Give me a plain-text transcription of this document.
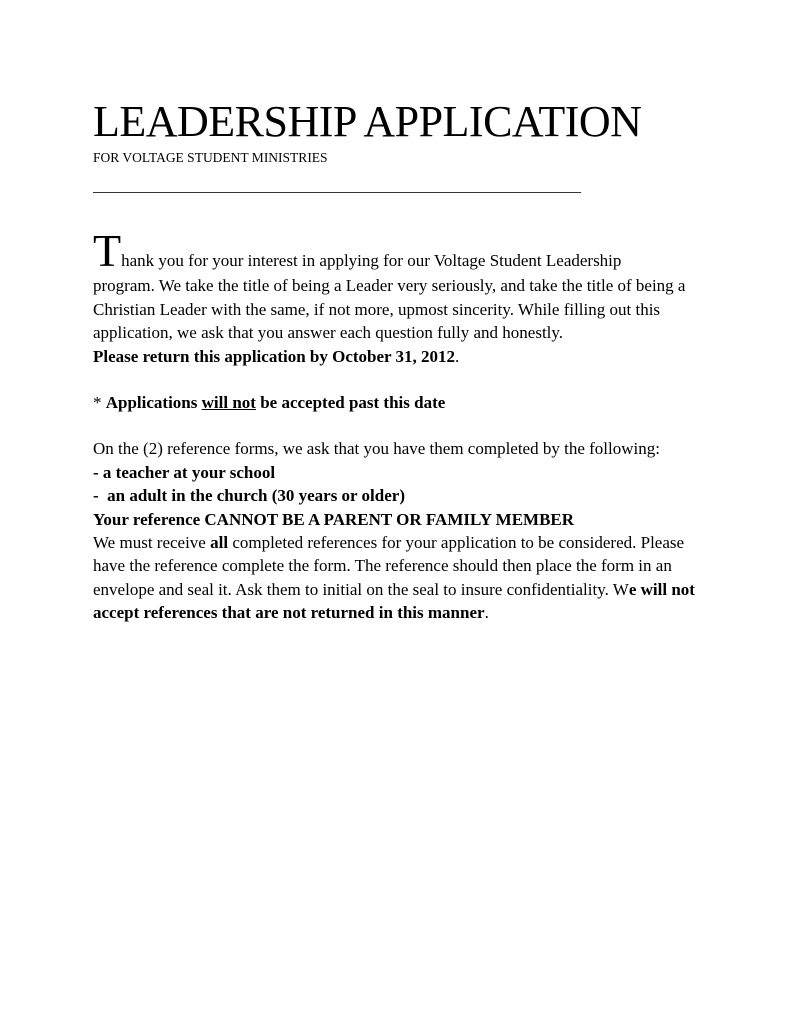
LEADERSHIP APPLICATION
FOR VOLTAGE STUDENT MINISTRIES
_____________________________________________________________
Thank you for your interest in applying for our Voltage Student Leadership
program. We take the title of being a Leader very seriously, and take the title of being a Christian Leader with the same, if not more, upmost sincerity. While filling out this application, we ask that you answer each question fully and honestly.
Please return this application by October 31, 2012.

* Applications will not be accepted past this date

On the (2) reference forms, we ask that you have them completed by the following:

- a teacher at your school

-  an adult in the church (30 years or older)

Your reference CANNOT BE A PARENT OR FAMILY MEMBER

We must receive all completed references for your application to be considered. Please have the reference complete the form. The reference should then place the form in an envelope and seal it. Ask them to initial on the seal to insure confidentiality. We will not accept references that are not returned in this manner.
